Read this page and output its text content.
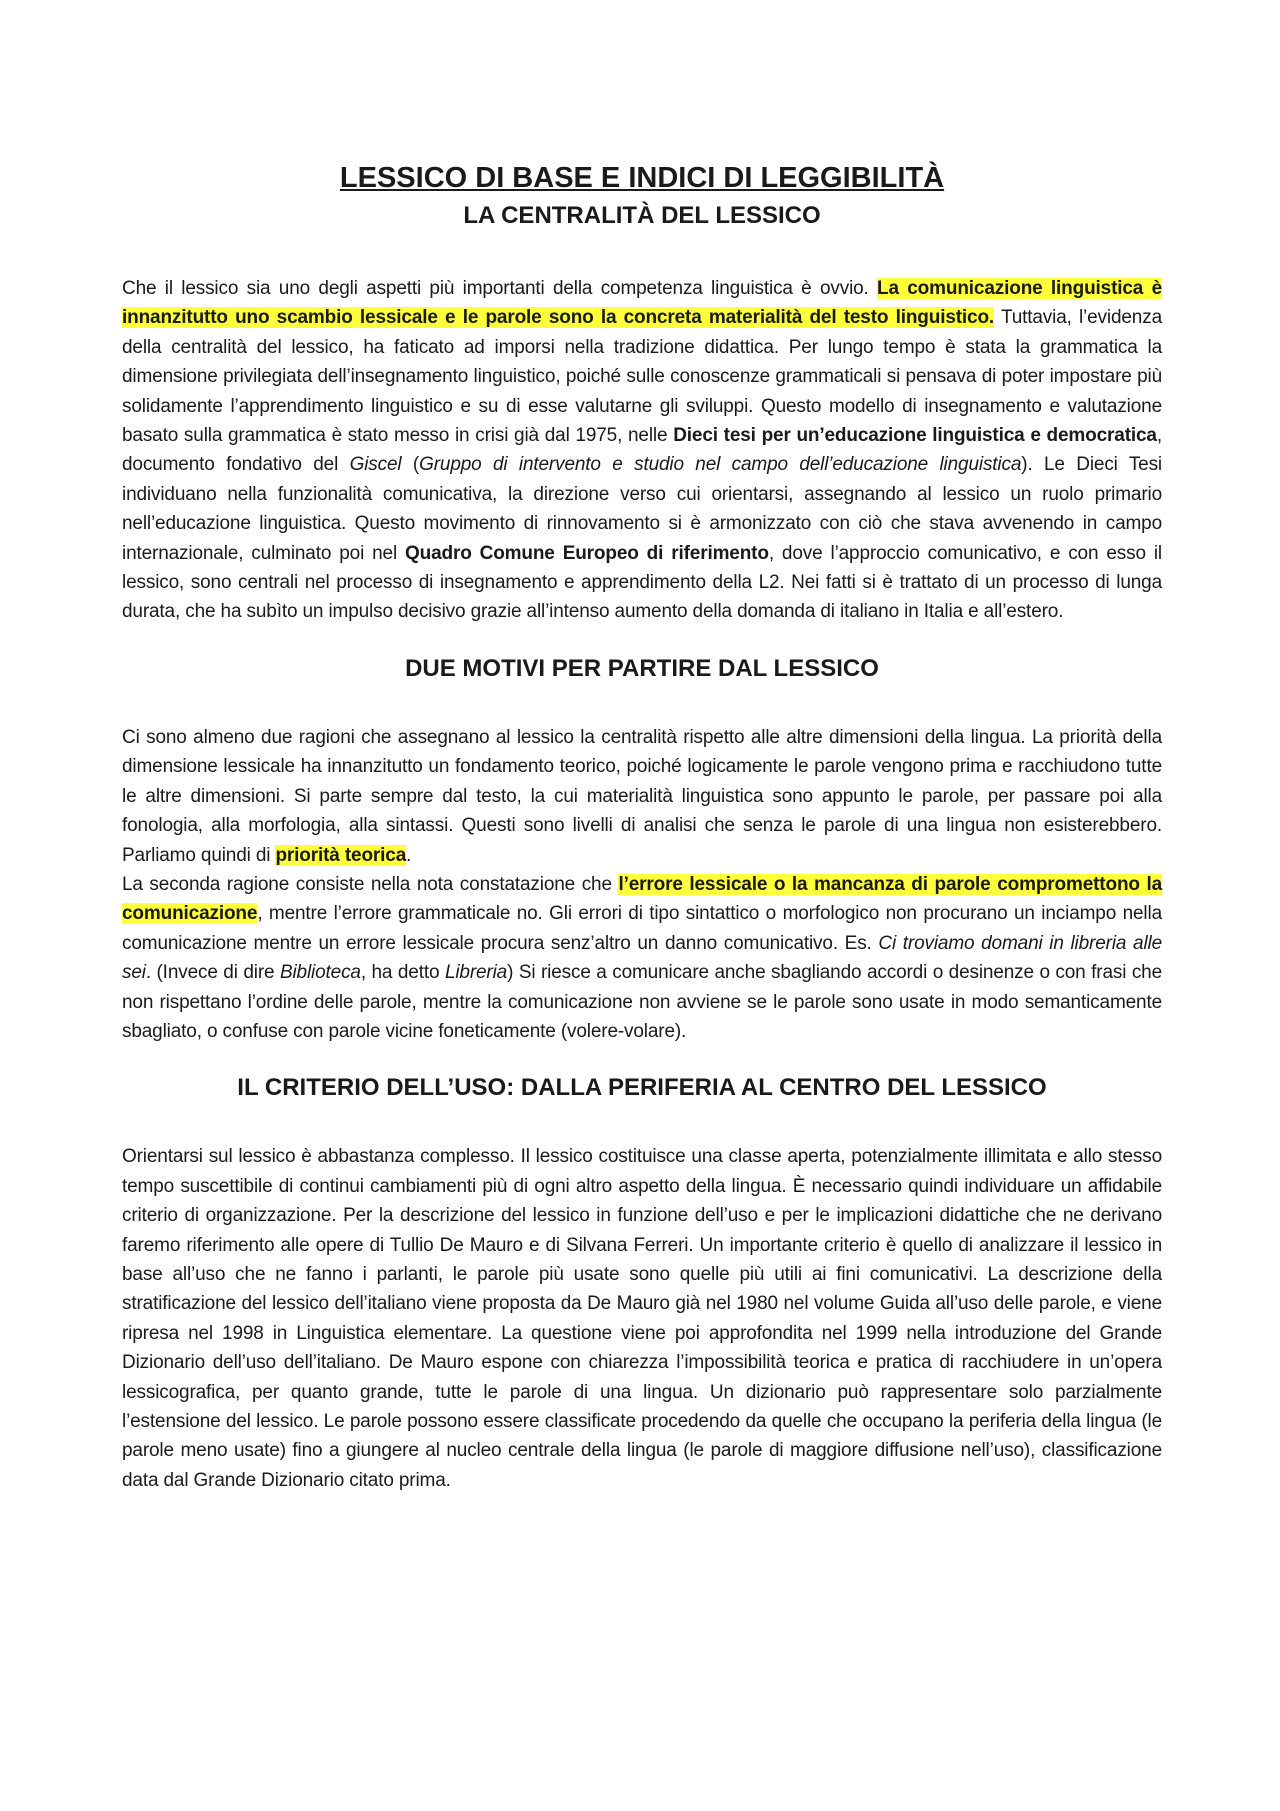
LESSICO DI BASE E INDICI DI LEGGIBILITÀ
LA CENTRALITÀ DEL LESSICO

Che il lessico sia uno degli aspetti più importanti della competenza linguistica è ovvio. La comunicazione linguistica è innanzitutto uno scambio lessicale e le parole sono la concreta materialità del testo linguistico. Tuttavia, l’evidenza della centralità del lessico, ha faticato ad imporsi nella tradizione didattica. Per lungo tempo è stata la grammatica la dimensione privilegiata dell’insegnamento linguistico, poiché sulle conoscenze grammaticali si pensava di poter impostare più solidamente l’apprendimento linguistico e su di esse valutarne gli sviluppi. Questo modello di insegnamento e valutazione basato sulla grammatica è stato messo in crisi già dal 1975, nelle Dieci tesi per un’educazione linguistica e democratica, documento fondativo del Giscel (Gruppo di intervento e studio nel campo dell’educazione linguistica). Le Dieci Tesi individuano nella funzionalità comunicativa, la direzione verso cui orientarsi, assegnando al lessico un ruolo primario nell’educazione linguistica. Questo movimento di rinnovamento si è armonizzato con ciò che stava avvenendo in campo internazionale, culminato poi nel Quadro Comune Europeo di riferimento, dove l’approccio comunicativo, e con esso il lessico, sono centrali nel processo di insegnamento e apprendimento della L2. Nei fatti si è trattato di un processo di lunga durata, che ha subìto un impulso decisivo grazie all’intenso aumento della domanda di italiano in Italia e all’estero.

DUE MOTIVI PER PARTIRE DAL LESSICO

Ci sono almeno due ragioni che assegnano al lessico la centralità rispetto alle altre dimensioni della lingua. La priorità della dimensione lessicale ha innanzitutto un fondamento teorico, poiché logicamente le parole vengono prima e racchiudono tutte le altre dimensioni. Si parte sempre dal testo, la cui materialità linguistica sono appunto le parole, per passare poi alla fonologia, alla morfologia, alla sintassi. Questi sono livelli di analisi che senza le parole di una lingua non esisterebbero. Parliamo quindi di priorità teorica.

La seconda ragione consiste nella nota constatazione che l’errore lessicale o la mancanza di parole compromettono la comunicazione, mentre l’errore grammaticale no. Gli errori di tipo sintattico o morfologico non procurano un inciampo nella comunicazione mentre un errore lessicale procura senz’altro un danno comunicativo. Es. Ci troviamo domani in libreria alle sei. (Invece di dire Biblioteca, ha detto Libreria) Si riesce a comunicare anche sbagliando accordi o desinenze o con frasi che non rispettano l’ordine delle parole, mentre la comunicazione non avviene se le parole sono usate in modo semanticamente sbagliato, o confuse con parole vicine foneticamente (volere-volare).

IL CRITERIO DELL’USO: DALLA PERIFERIA AL CENTRO DEL LESSICO

Orientarsi sul lessico è abbastanza complesso. Il lessico costituisce una classe aperta, potenzialmente illimitata e allo stesso tempo suscettibile di continui cambiamenti più di ogni altro aspetto della lingua. È necessario quindi individuare un affidabile criterio di organizzazione. Per la descrizione del lessico in funzione dell’uso e per le implicazioni didattiche che ne derivano faremo riferimento alle opere di Tullio De Mauro e di Silvana Ferreri. Un importante criterio è quello di analizzare il lessico in base all’uso che ne fanno i parlanti, le parole più usate sono quelle più utili ai fini comunicativi. La descrizione della stratificazione del lessico dell’italiano viene proposta da De Mauro già nel 1980 nel volume Guida all’uso delle parole, e viene ripresa nel 1998 in Linguistica elementare. La questione viene poi approfondita nel 1999 nella introduzione del Grande Dizionario dell’uso dell’italiano. De Mauro espone con chiarezza l’impossibilità teorica e pratica di racchiudere in un’opera lessicografica, per quanto grande, tutte le parole di una lingua. Un dizionario può rappresentare solo parzialmente l’estensione del lessico. Le parole possono essere classificate procedendo da quelle che occupano la periferia della lingua (le parole meno usate) fino a giungere al nucleo centrale della lingua (le parole di maggiore diffusione nell’uso), classificazione data dal Grande Dizionario citato prima.
